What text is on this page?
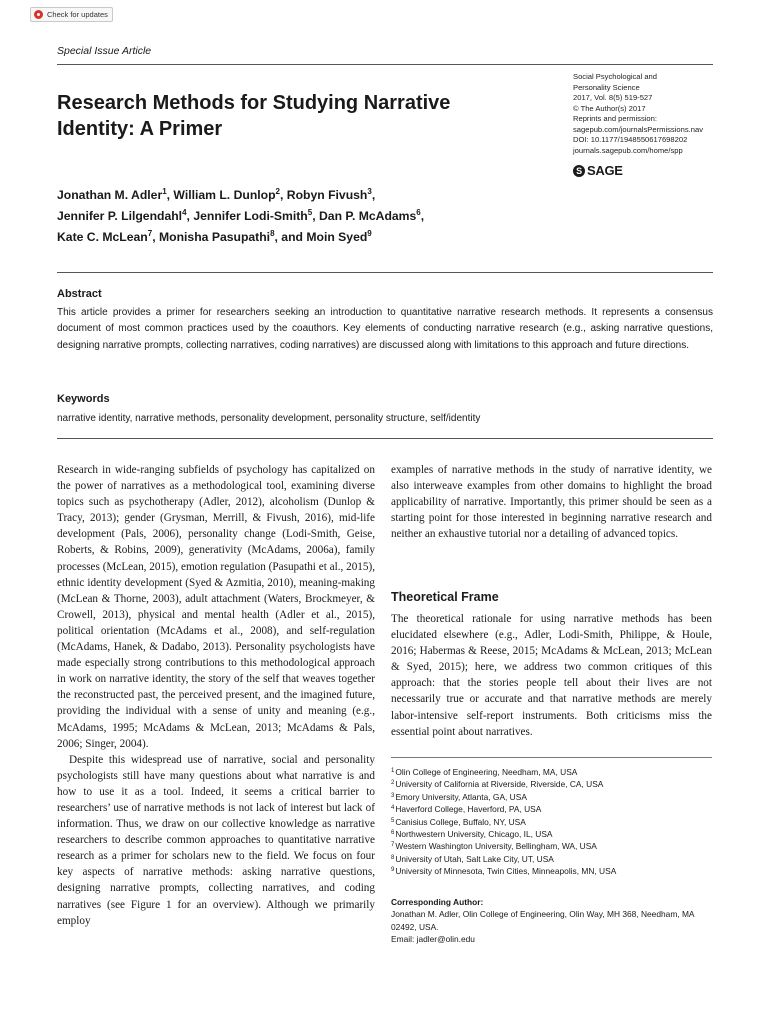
Check for updates
Special Issue Article
Social Psychological and
Personality Science
2017, Vol. 8(5) 519-527
© The Author(s) 2017
Reprints and permission:
sagepub.com/journalsPermissions.nav
DOI: 10.1177/1948550617698202
journals.sagepub.com/home/spp
S SAGE
Research Methods for Studying Narrative Identity: A Primer
Jonathan M. Adler$^1$, William L. Dunlop$^2$, Robyn Fivush$^3$,
Jennifer P. Lilgendahl$^4$, Jennifer Lodi-Smith$^5$, Dan P. McAdams$^6$,
Kate C. McLean$^7$, Monisha Pasupathi$^8$, and Moin Syed$^9$
Abstract
This article provides a primer for researchers seeking an introduction to quantitative narrative research methods. It represents a consensus document of most common practices used by the coauthors. Key elements of conducting narrative research (e.g., asking narrative questions, designing narrative prompts, collecting narratives, coding narratives) are discussed along with limitations to this approach and future directions.
Keywords
narrative identity, narrative methods, personality development, personality structure, self/identity

Research in wide-ranging subfields of psychology has capitalized on the power of narratives as a methodological tool, examining diverse topics such as psychotherapy (Adler, 2012), alcoholism (Dunlop & Tracy, 2013); gender (Grysman, Merrill, & Fivush, 2016), mid-life development (Pals, 2006), personality change (Lodi-Smith, Geise, Roberts, & Robins, 2009), generativity (McAdams, 2006a), family processes (McLean, 2015), emotion regulation (Pasupathi et al., 2015), ethnic identity development (Syed & Azmitia, 2010), meaning-making (McLean & Thorne, 2003), adult attachment (Waters, Brockmeyer, & Crowell, 2013), physical and mental health (Adler et al., 2015), political orientation (McAdams et al., 2008), and self-regulation (McAdams, Hanek, & Dadabo, 2013). Personality psychologists have made especially strong contributions to this methodological approach in work on narrative identity, the story of the self that weaves together the reconstructed past, the perceived present, and the imagined future, providing the individual with a sense of unity and meaning (e.g., McAdams, 1995; McAdams & McLean, 2013; McAdams & Pals, 2006; Singer, 2004).

Despite this widespread use of narrative, social and personality psychologists still have many questions about what narrative is and how to use it as a tool. Indeed, it seems a critical barrier to researchers’ use of narrative methods is not lack of interest but lack of information. Thus, we draw on our collective knowledge as narrative researchers to describe common approaches to quantitative narrative research as a primer for scholars new to the field. We focus on four key aspects of narrative methods: asking narrative questions, designing narrative prompts, collecting narratives, and coding narratives (see Figure 1 for an overview). Although we primarily employ

examples of narrative methods in the study of narrative identity, we also interweave examples from other domains to highlight the broad applicability of narrative. Importantly, this primer should be seen as a starting point for those interested in beginning narrative research and neither an exhaustive tutorial nor a detailing of advanced topics.

Theoretical Frame

The theoretical rationale for using narrative methods has been elucidated elsewhere (e.g., Adler, Lodi-Smith, Philippe, & Houle, 2016; Habermas & Reese, 2015; McAdams & McLean, 2013; McLean & Syed, 2015); here, we address two common critiques of this approach: that the stories people tell about their lives are not necessarily true or accurate and that narrative methods are merely labor-intensive self-report instruments. Both criticisms miss the essential point about narratives.

$^1$Olin College of Engineering, Needham, MA, USA
$^2$University of California at Riverside, Riverside, CA, USA
$^3$Emory University, Atlanta, GA, USA
$^4$Haverford College, Haverford, PA, USA
$^5$Canisius College, Buffalo, NY, USA
$^6$Northwestern University, Chicago, IL, USA
$^7$Western Washington University, Bellingham, WA, USA
$^8$University of Utah, Salt Lake City, UT, USA
$^9$University of Minnesota, Twin Cities, Minneapolis, MN, USA
Corresponding Author:
Jonathan M. Adler, Olin College of Engineering, Olin Way, MH 368, Needham, MA 02492, USA.
Email: jadler@olin.edu
